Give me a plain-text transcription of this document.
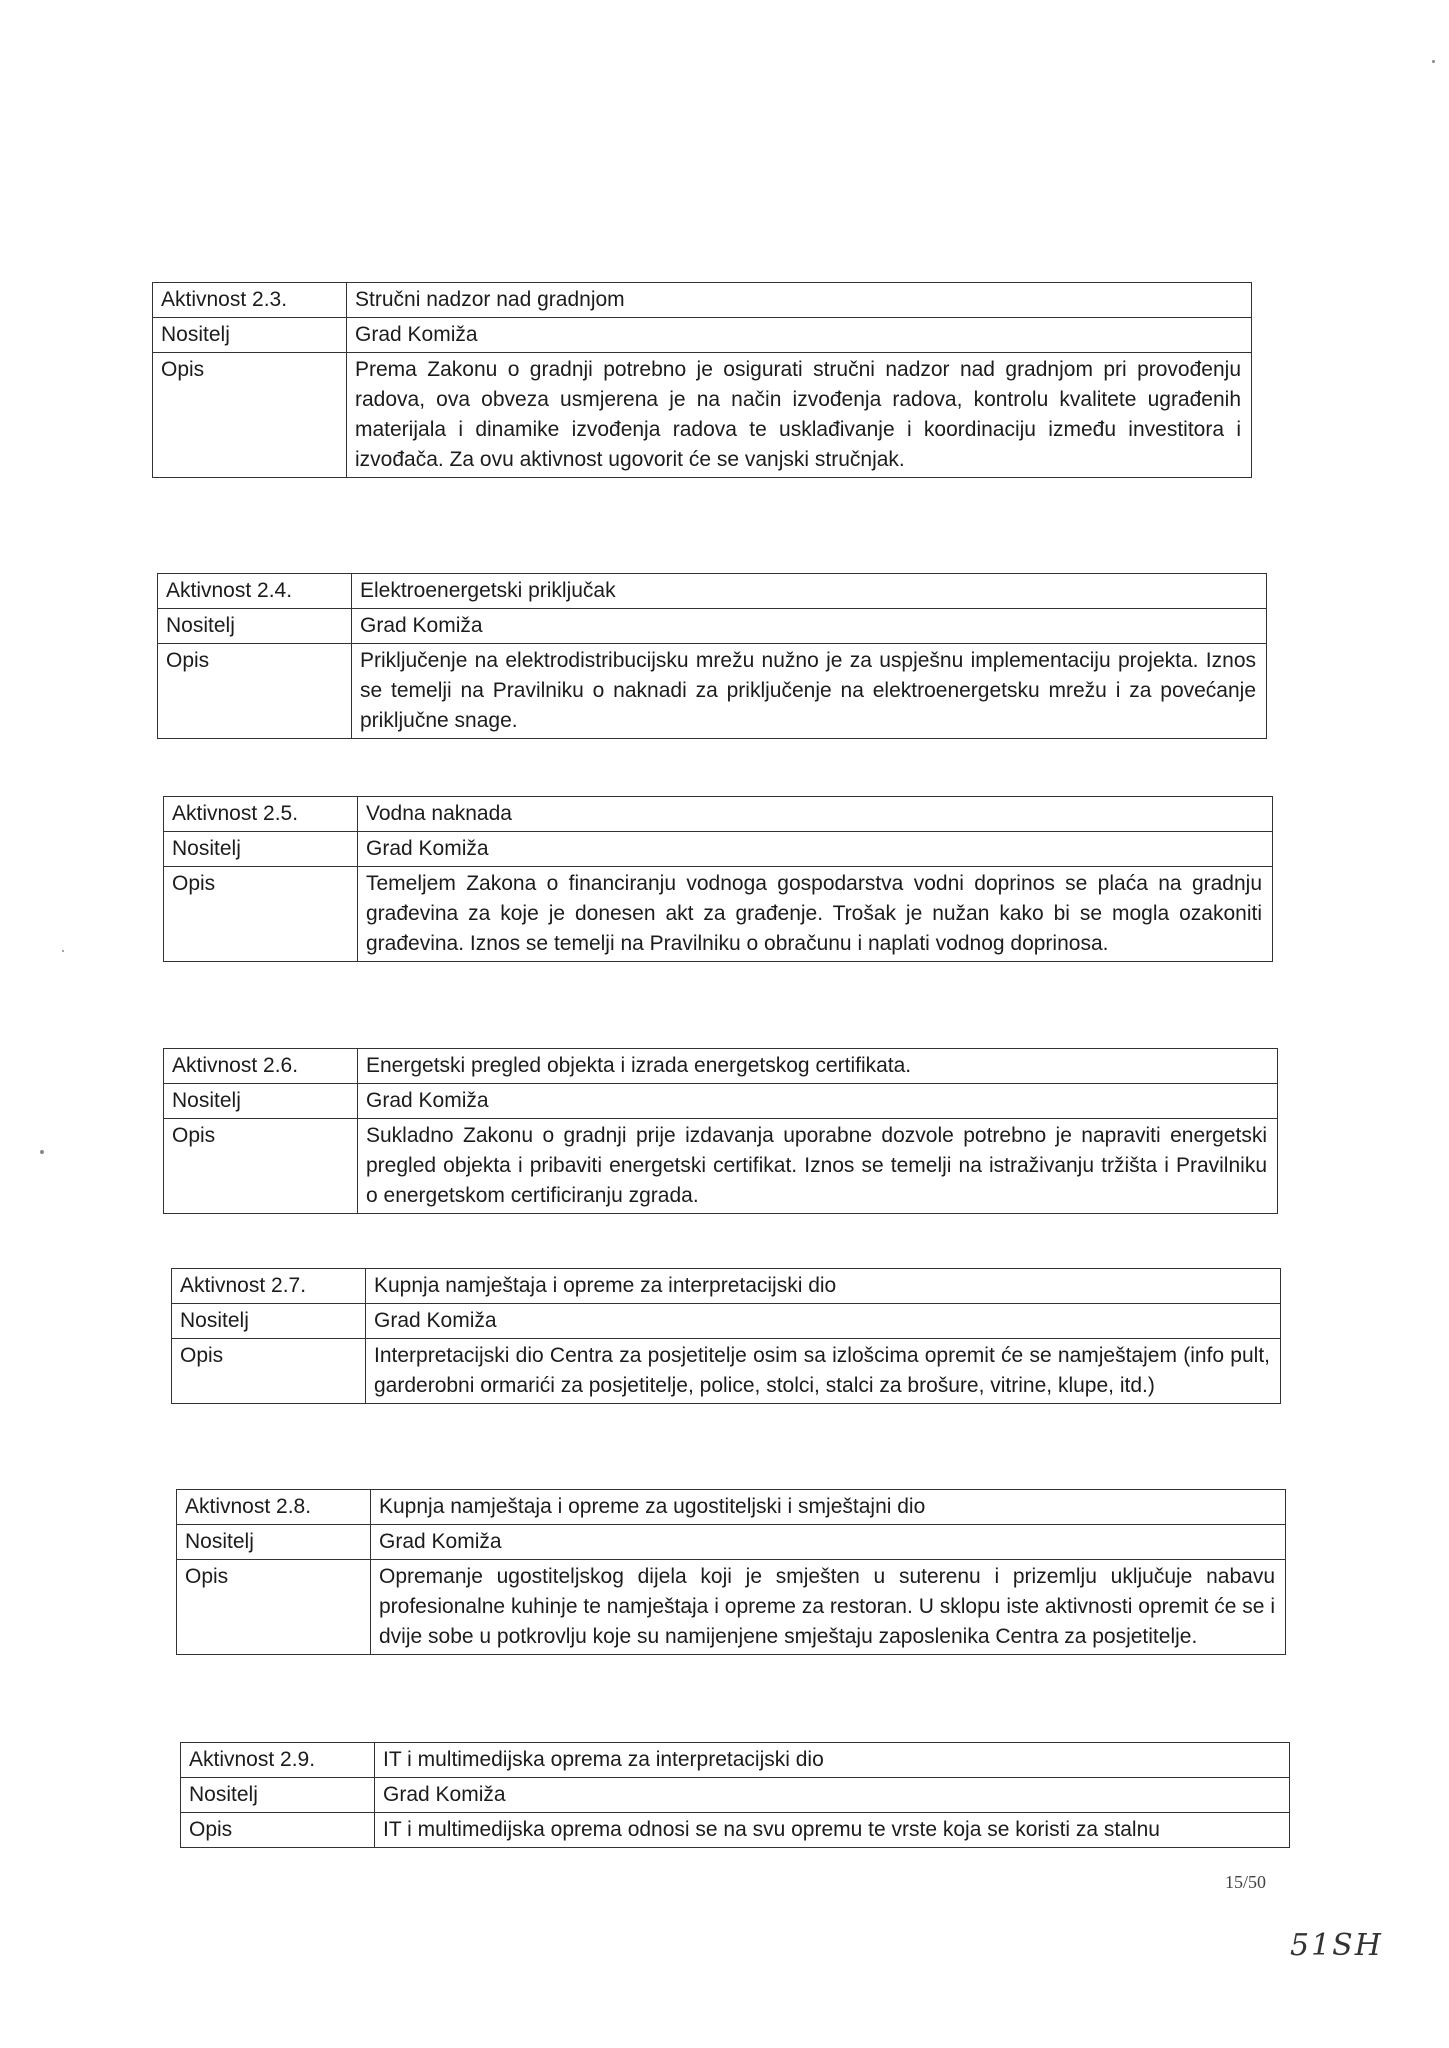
Aktivnost 2.3.	Stručni nadzor nad gradnjom
Nositelj	Grad Komiža
Opis	Prema Zakonu o gradnji potrebno je osigurati stručni nadzor nad gradnjom pri provođenju radova, ova obveza usmjerena je na način izvođenja radova, kontrolu kvalitete ugrađenih materijala i dinamike izvođenja radova te usklađivanje i koordinaciju između investitora i izvođača. Za ovu aktivnost ugovorit će se vanjski stručnjak.
Aktivnost 2.4.	Elektroenergetski priključak
Nositelj	Grad Komiža
Opis	Priključenje na elektrodistribucijsku mrežu nužno je za uspješnu implementaciju projekta. Iznos se temelji na Pravilniku o naknadi za priključenje na elektroenergetsku mrežu i za povećanje priključne snage.
Aktivnost 2.5.	Vodna naknada
Nositelj	Grad Komiža
Opis	Temeljem Zakona o financiranju vodnoga gospodarstva vodni doprinos se plaća na gradnju građevina za koje je donesen akt za građenje. Trošak je nužan kako bi se mogla ozakoniti građevina. Iznos se temelji na Pravilniku o obračunu i naplati vodnog doprinosa.
Aktivnost 2.6.	Energetski pregled objekta i izrada energetskog certifikata.
Nositelj	Grad Komiža
Opis	Sukladno Zakonu o gradnji prije izdavanja uporabne dozvole potrebno je napraviti energetski pregled objekta i pribaviti energetski certifikat. Iznos se temelji na istraživanju tržišta i Pravilniku o energetskom certificiranju zgrada.
Aktivnost 2.7.	Kupnja namještaja i opreme za interpretacijski dio
Nositelj	Grad Komiža
Opis	Interpretacijski dio Centra za posjetitelje osim sa izlošcima opremit će se namještajem (info pult, garderobni ormarići za posjetitelje, police, stolci, stalci za brošure, vitrine, klupe, itd.)
Aktivnost 2.8.	Kupnja namještaja i opreme za ugostiteljski i smještajni dio
Nositelj	Grad Komiža
Opis	Opremanje ugostiteljskog dijela koji je smješten u suterenu i prizemlju uključuje nabavu profesionalne kuhinje te namještaja i opreme za restoran. U sklopu iste aktivnosti opremit će se i dvije sobe u potkrovlju koje su namijenjene smještaju zaposlenika Centra za posjetitelje.
Aktivnost 2.9.	IT i multimedijska oprema za interpretacijski dio
Nositelj	Grad Komiža
Opis	IT i multimedijska oprema odnosi se na svu opremu te vrste koja se koristi za stalnu
15/50
51SH
